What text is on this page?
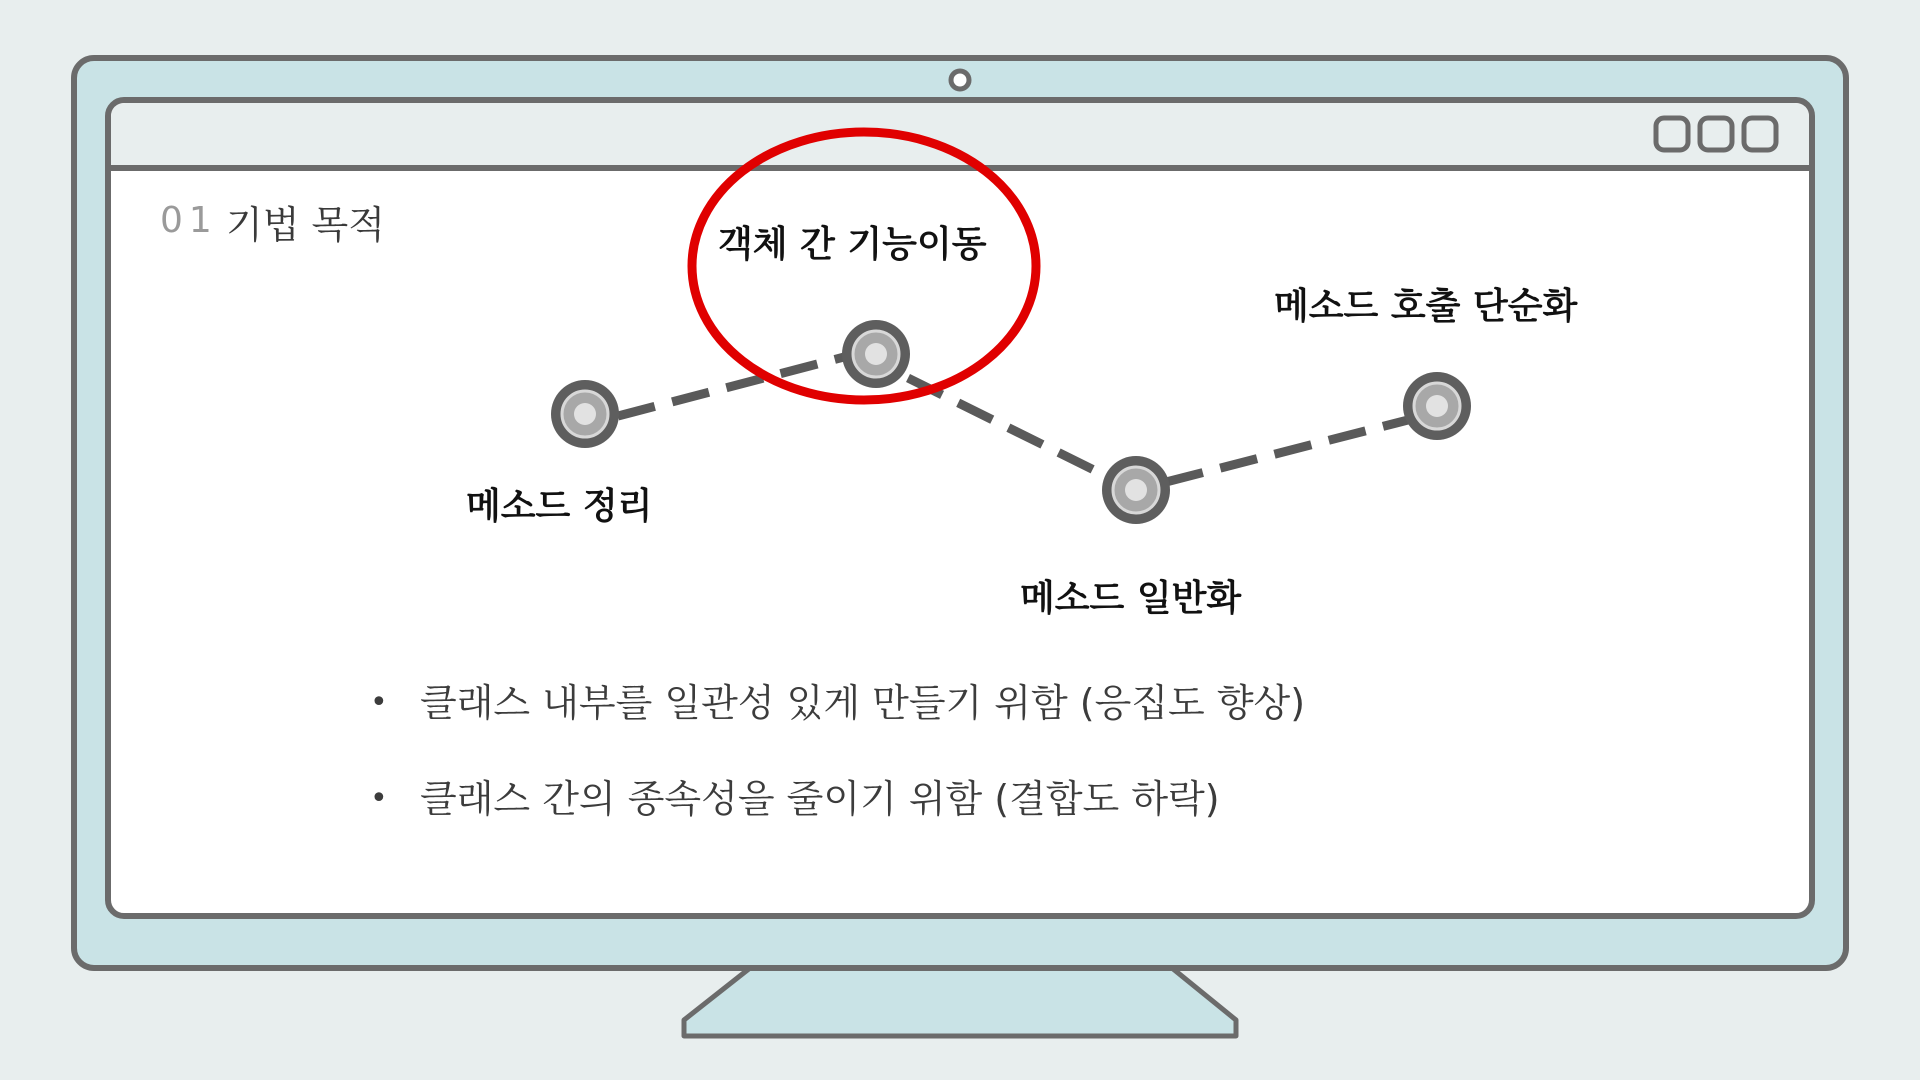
01 기법 목적
메소드 정리
객체 간 기능이동
메소드 일반화
메소드 호출 단순화
• 클래스 내부를 일관성 있게 만들기 위함 (응집도 향상)
• 클래스 간의 종속성을 줄이기 위함 (결합도 하락)
